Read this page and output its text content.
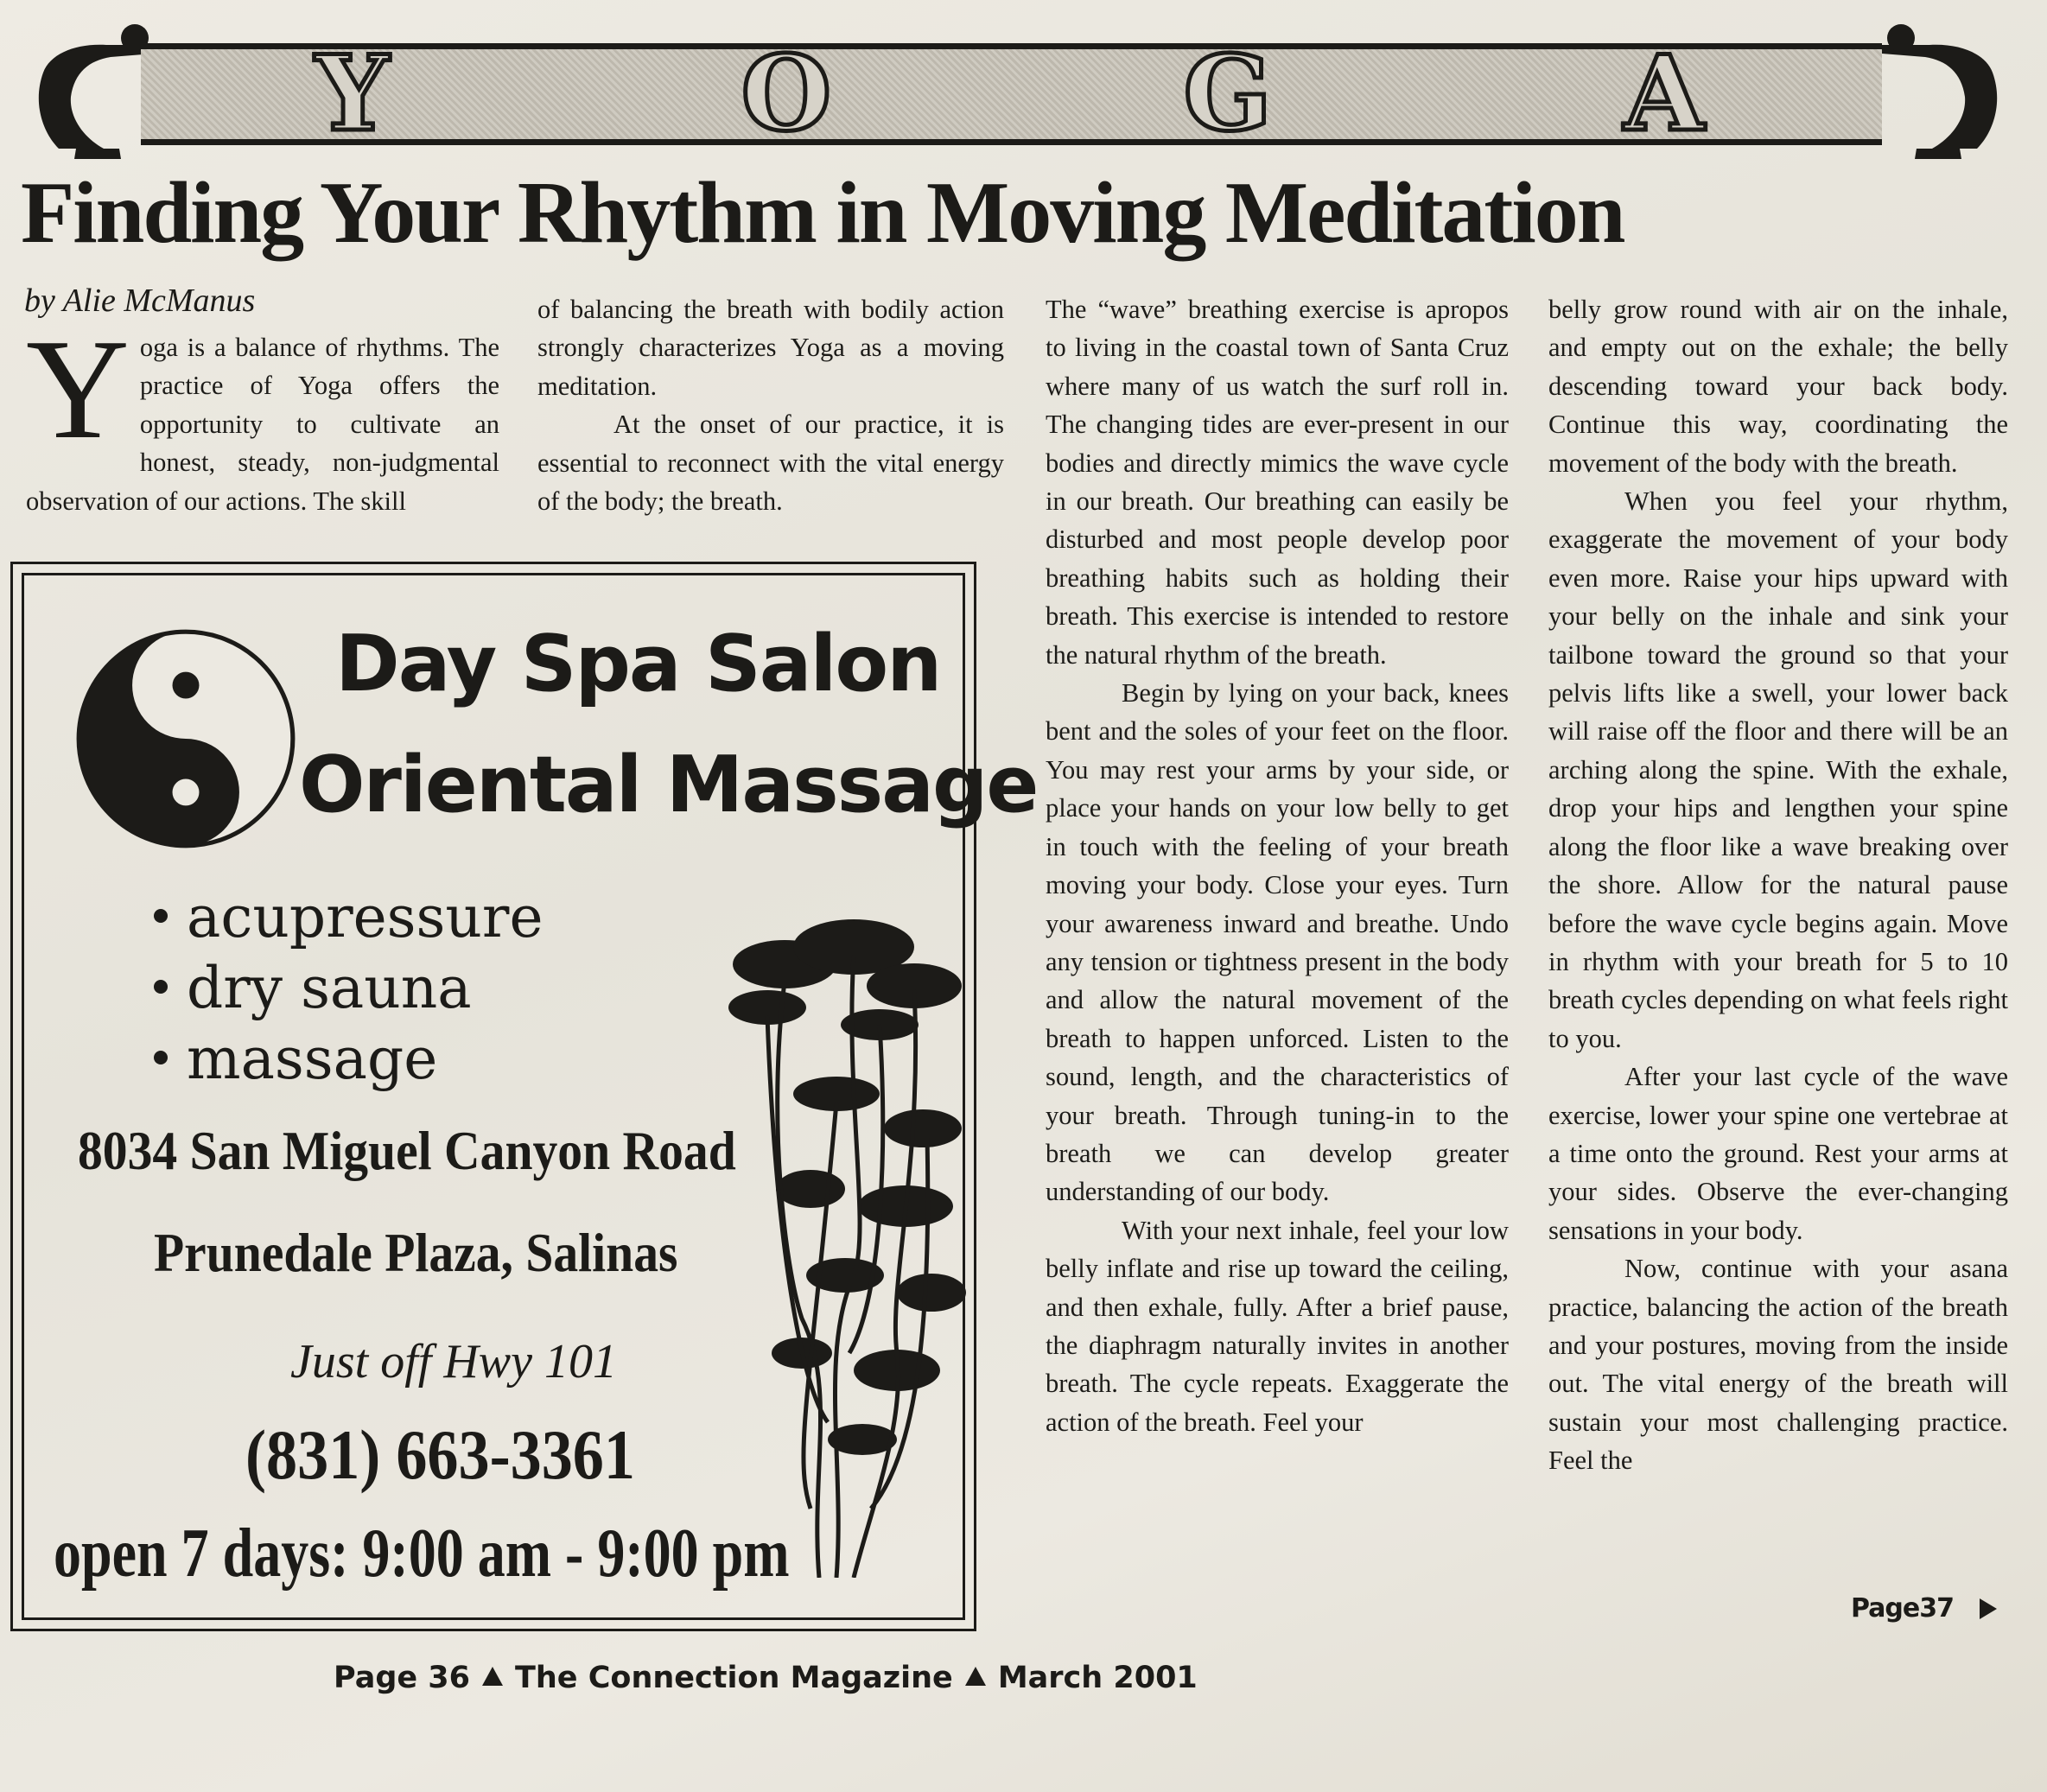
Y	O	G	A
Finding Your Rhythm in Moving Meditation
by Alie McManus

Yoga is a balance of rhythms. The practice of Yoga offers the opportunity to cultivate an honest, steady, non-judgmental observation of our actions. The skill

of balancing the breath with bodily action strongly characterizes Yoga as a moving meditation.

At the onset of our practice, it is essential to reconnect with the vital energy of the body; the breath.

The “wave” breathing exercise is apropos to living in the coastal town of Santa Cruz where many of us watch the surf roll in. The changing tides are ever-present in our bodies and directly mimics the wave cycle in our breath. Our breathing can easily be disturbed and most people develop poor breathing habits such as holding their breath. This exercise is intended to restore the natural rhythm of the breath.

Begin by lying on your back, knees bent and the soles of your feet on the floor. You may rest your arms by your side, or place your hands on your low belly to get in touch with the feeling of your breath moving your body. Close your eyes. Turn your awareness inward and breathe. Undo any tension or tightness present in the body and allow the natural movement of the breath to happen unforced. Listen to the sound, length, and the characteristics of your breath. Through tuning-in to the breath we can develop greater understanding of our body.

With your next inhale, feel your low belly inflate and rise up toward the ceiling, and then exhale, fully. After a brief pause, the diaphragm naturally invites in another breath. The cycle repeats. Exaggerate the action of the breath. Feel your

belly grow round with air on the inhale, and empty out on the exhale; the belly descending toward your back body. Continue this way, coordinating the movement of the body with the breath.

When you feel your rhythm, exaggerate the movement of your body even more. Raise your hips upward with your belly on the inhale and sink your tailbone toward the ground so that your pelvis lifts like a swell, your lower back will raise off the floor and there will be an arching along the spine. With the exhale, drop your hips and lengthen your spine along the floor like a wave breaking over the shore. Allow for the natural pause before the wave cycle begins again. Move in rhythm with your breath for 5 to 10 breath cycles depending on what feels right to you.

After your last cycle of the wave exercise, lower your spine one vertebrae at a time onto the ground. Rest your arms at your sides. Observe the ever-changing sensations in your body.

Now, continue with your asana practice, balancing the action of the breath and your postures, moving from the inside out. The vital energy of the breath will sustain your most challenging practice. Feel the

Page37
Day Spa Salon
Oriental Massage
acupressure
dry sauna
massage
8034 San Miguel Canyon Road
Prunedale Plaza, Salinas
Just off Hwy 101
(831) 663-3361
open 7 days: 9:00 am - 9:00 pm
Page 36 The Connection Magazine March 2001
